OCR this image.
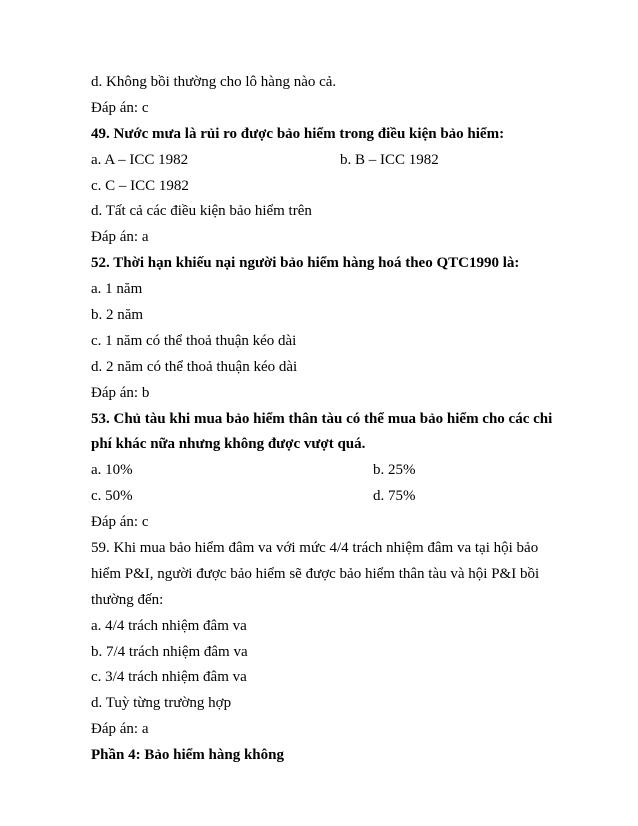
d. Không bồi thường cho lô hàng nào cả.
Đáp án: c
49. Nước mưa là rủi ro được bảo hiểm trong điều kiện bảo hiểm:
a. A – ICC 1982	b. B – ICC 1982
c. C – ICC 1982
d. Tất cả các điều kiện bảo hiểm trên
Đáp án: a
52. Thời hạn khiếu nại người bảo hiểm hàng hoá theo QTC1990 là:
a. 1 năm
b. 2 năm
c. 1 năm có thể thoả thuận kéo dài
d. 2 năm có thể thoả thuận kéo dài
Đáp án: b
53. Chủ tàu khi mua bảo hiểm thân tàu có thể mua bảo hiểm cho các chi
phí khác nữa nhưng không được vượt quá.
a. 10%	b. 25%
c. 50%	d. 75%
Đáp án: c
59. Khi mua bảo hiểm đâm va với mức 4/4 trách nhiệm đâm va tại hội bảo
hiểm P&I, người được bảo hiểm sẽ được bảo hiểm thân tàu và hội P&I bồi
thường đến:
a. 4/4 trách nhiệm đâm va
b. 7/4 trách nhiệm đâm va
c. 3/4 trách nhiệm đâm va
d. Tuỳ từng trường hợp
Đáp án: a
Phần 4: Bảo hiểm hàng không
